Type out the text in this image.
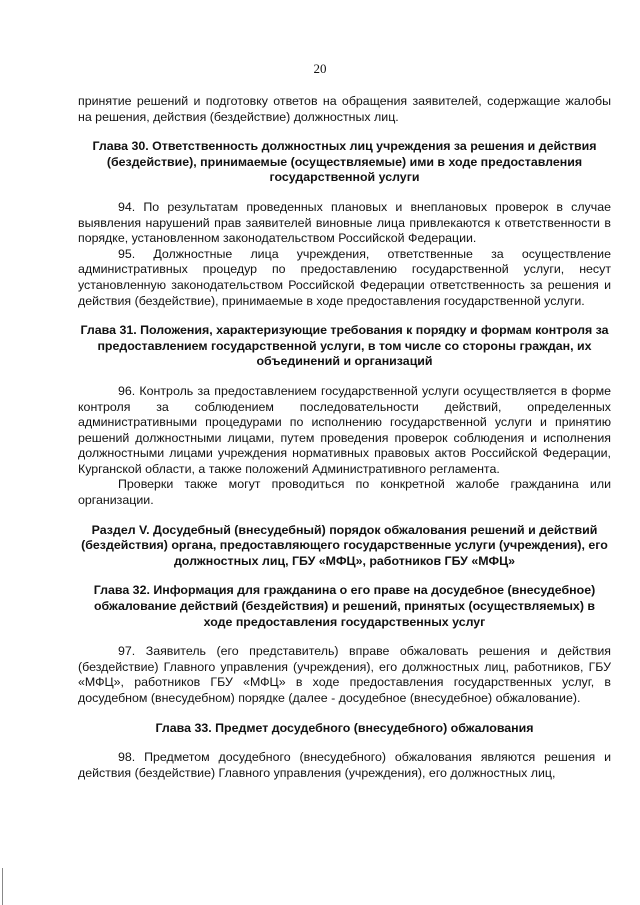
20

принятие решений и подготовку ответов на обращения заявителей, содержащие жалобы на решения, действия (бездействие) должностных лиц.

Глава 30. Ответственность должностных лиц учреждения за решения и действия (бездействие), принимаемые (осуществляемые) ими в ходе предоставления государственной услуги

94. По результатам проведенных плановых и внеплановых проверок в случае выявления нарушений прав заявителей виновные лица привлекаются к ответственности в порядке, установленном законодательством Российской Федерации.

95. Должностные лица учреждения, ответственные за осуществление административных процедур по предоставлению государственной услуги, несут установленную законодательством Российской Федерации ответственность за решения и действия (бездействие), принимаемые в ходе предоставления государственной услуги.

Глава 31. Положения, характеризующие требования к порядку и формам контроля за предоставлением государственной услуги, в том числе со стороны граждан, их объединений и организаций

96. Контроль за предоставлением государственной услуги осуществляется в форме контроля за соблюдением последовательности действий, определенных административными процедурами по исполнению государственной услуги и принятию решений должностными лицами, путем проведения проверок соблюдения и исполнения должностными лицами учреждения нормативных правовых актов Российской Федерации, Курганской области, а также положений Административного регламента.

Проверки также могут проводиться по конкретной жалобе гражданина или организации.

Раздел V. Досудебный (внесудебный) порядок обжалования решений и действий (бездействия) органа, предоставляющего государственные услуги (учреждения), его должностных лиц, ГБУ «МФЦ», работников ГБУ «МФЦ»
Глава 32. Информация для гражданина о его праве на досудебное (внесудебное) обжалование действий (бездействия) и решений, принятых (осуществляемых) в ходе предоставления государственных услуг

97. Заявитель (его представитель) вправе обжаловать решения и действия (бездействие) Главного управления (учреждения), его должностных лиц, работников, ГБУ «МФЦ», работников ГБУ «МФЦ» в ходе предоставления государственных услуг, в досудебном (внесудебном) порядке (далее - досудебное (внесудебное) обжалование).

Глава 33. Предмет досудебного (внесудебного) обжалования

98. Предметом досудебного (внесудебного) обжалования являются решения и действия (бездействие) Главного управления (учреждения), его должностных лиц,
